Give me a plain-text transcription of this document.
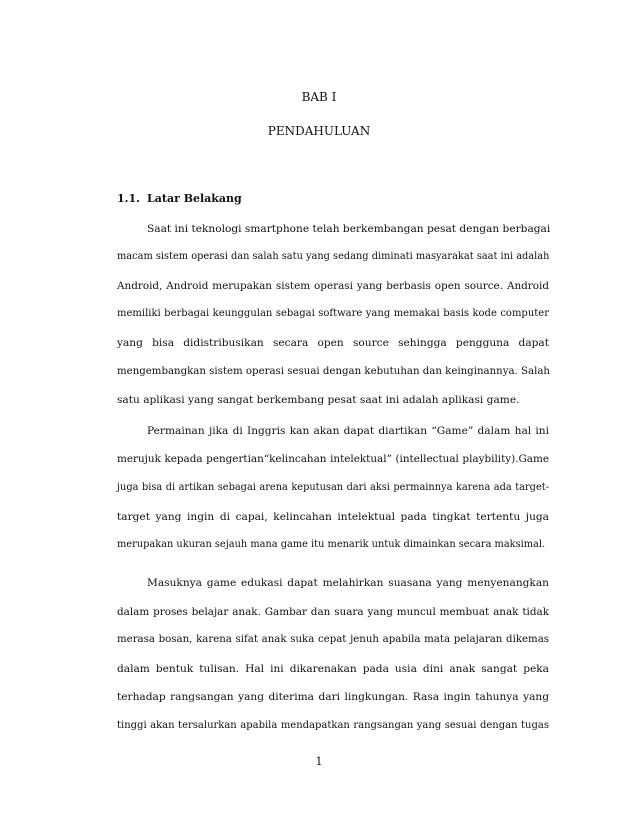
BAB I
PENDAHULUAN
1.1. Latar Belakang
Saat ini teknologi smartphone telah berkembangan pesat dengan berbagai
macam sistem operasi dan salah satu yang sedang diminati masyarakat saat ini adalah
Android, Android merupakan sistem operasi yang berbasis open source. Android
memiliki berbagai keunggulan sebagai software yang memakai basis kode computer
yang bisa didistribusikan secara open source sehingga pengguna dapat
mengembangkan sistem operasi sesuai dengan kebutuhan dan keinginannya. Salah
satu aplikasi yang sangat berkembang pesat saat ini adalah aplikasi game.
Permainan jika di Inggris kan akan dapat diartikan “Game” dalam hal ini
merujuk kepada pengertian“kelincahan intelektual” (intellectual playbility).Game
juga bisa di artikan sebagai arena keputusan dari aksi permainnya karena ada target-
target yang ingin di capai, kelincahan intelektual pada tingkat tertentu juga
merupakan ukuran sejauh mana game itu menarik untuk dimainkan secara maksimal.
Masuknya game edukasi dapat melahirkan suasana yang menyenangkan
dalam proses belajar anak. Gambar dan suara yang muncul membuat anak tidak
merasa bosan, karena sifat anak suka cepat jenuh apabila mata pelajaran dikemas
dalam bentuk tulisan. Hal ini dikarenakan pada usia dini anak sangat peka
terhadap rangsangan yang diterima dari lingkungan. Rasa ingin tahunya yang
tinggi akan tersalurkan apabila mendapatkan rangsangan yang sesuai dengan tugas
1
